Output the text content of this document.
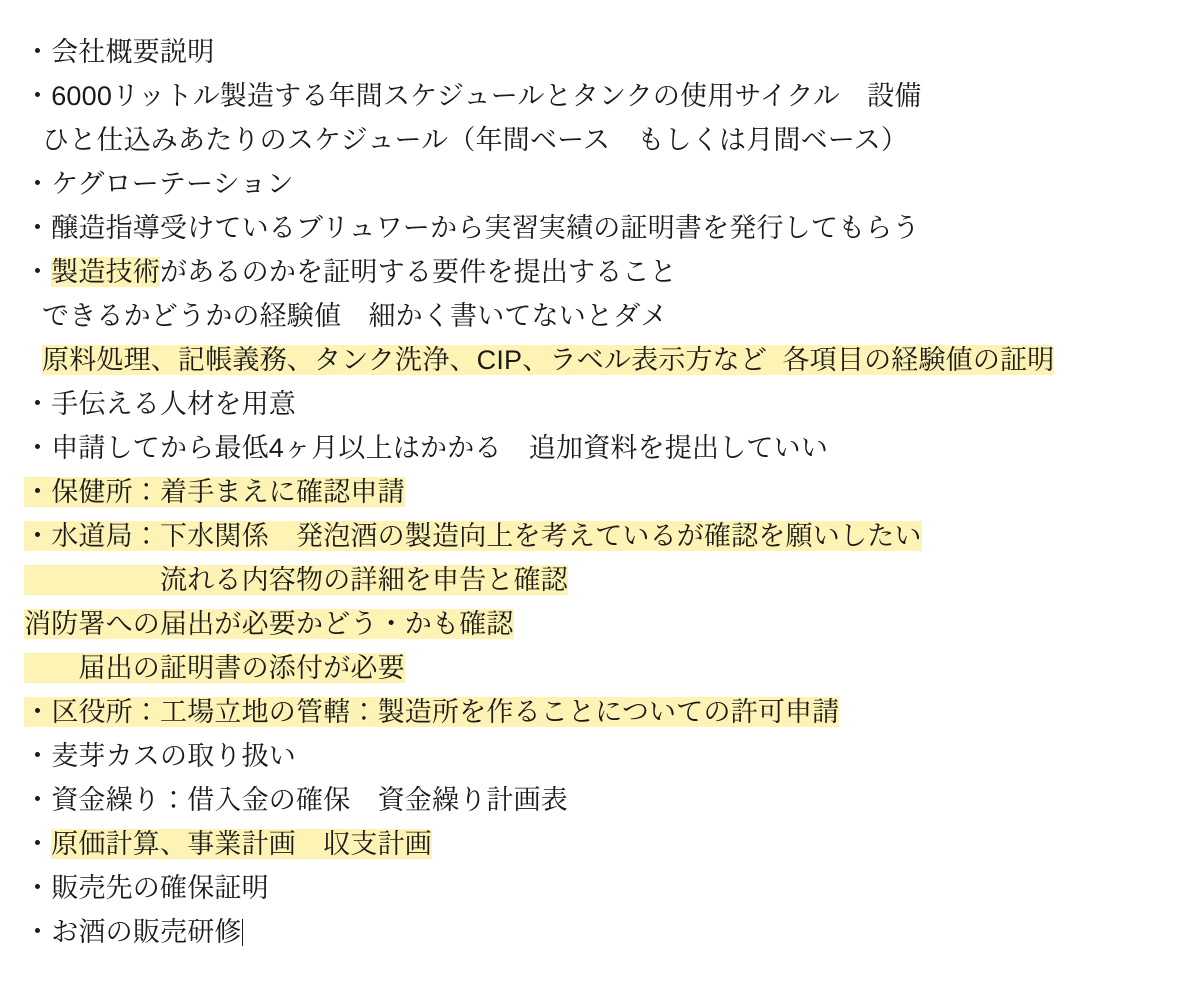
・会社概要説明
・6000リットル製造する年間スケジュールとタンクの使用サイクル　設備
ひと仕込みあたりのスケジュール（年間ベース　もしくは月間ベース）
・ケグローテーション
・醸造指導受けているブリュワーから実習実績の証明書を発行してもらう
・製造技術があるのかを証明する要件を提出すること
できるかどうかの経験値　細かく書いてないとダメ
原料処理、記帳義務、タンク洗浄、CIP、ラベル表示方など  各項目の経験値の証明
・手伝える人材を用意
・申請してから最低4ヶ月以上はかかる　追加資料を提出していい
・保健所：着手まえに確認申請
・水道局：下水関係　発泡酒の製造向上を考えているが確認を願いしたい
　　　　　流れる内容物の詳細を申告と確認
消防署への届出が必要かどう・かも確認
　　届出の証明書の添付が必要
・区役所：工場立地の管轄：製造所を作ることについての許可申請
・麦芽カスの取り扱い
・資金繰り：借入金の確保　資金繰り計画表
・原価計算、事業計画　収支計画
・販売先の確保証明
・お酒の販売研修
